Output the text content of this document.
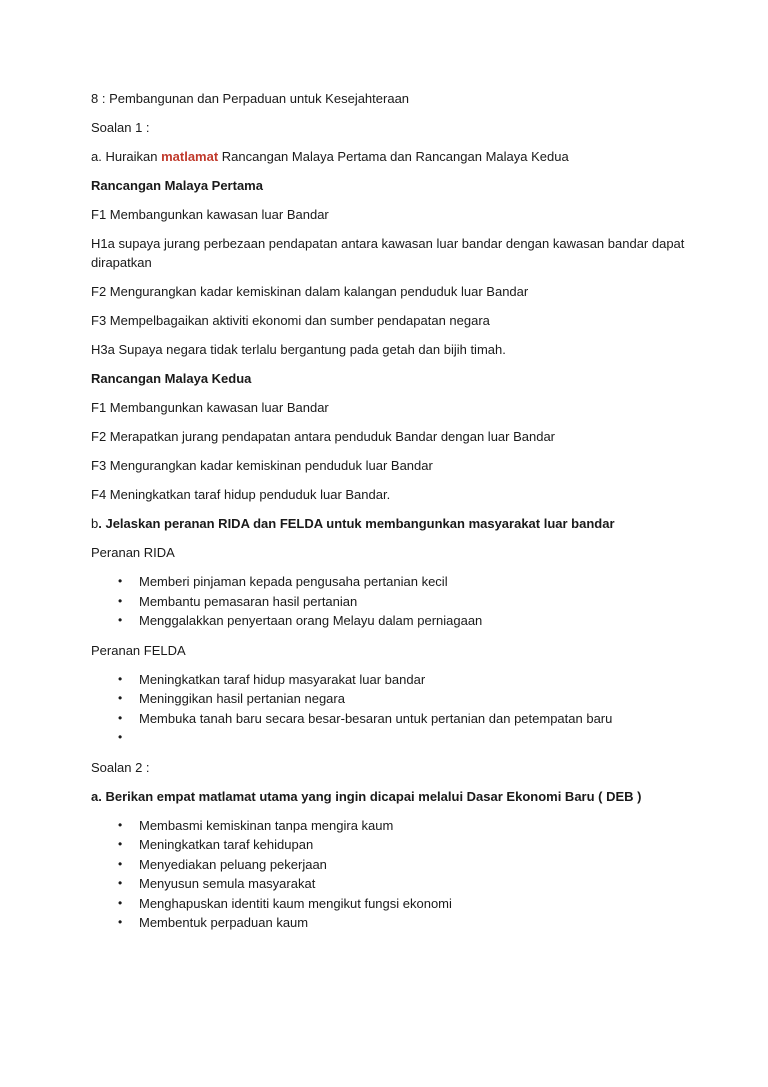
8 : Pembangunan dan Perpaduan untuk Kesejahteraan

Soalan 1 :

a. Huraikan matlamat Rancangan Malaya Pertama dan Rancangan Malaya Kedua

Rancangan Malaya Pertama

F1 Membangunkan kawasan luar Bandar

H1a supaya jurang perbezaan pendapatan antara kawasan luar bandar dengan kawasan bandar dapat dirapatkan

F2 Mengurangkan kadar kemiskinan dalam kalangan penduduk luar Bandar

F3 Mempelbagaikan aktiviti ekonomi dan sumber pendapatan negara

H3a Supaya negara tidak terlalu bergantung pada getah dan bijih timah.

Rancangan Malaya Kedua

F1 Membangunkan kawasan luar Bandar

F2 Merapatkan jurang pendapatan antara penduduk Bandar dengan luar Bandar

F3 Mengurangkan kadar kemiskinan penduduk luar Bandar

F4 Meningkatkan taraf hidup penduduk luar Bandar.

b. Jelaskan peranan RIDA dan FELDA untuk membangunkan masyarakat luar bandar

Peranan RIDA

• Memberi pinjaman kepada pengusaha pertanian kecil
• Membantu pemasaran hasil pertanian
• Menggalakkan penyertaan orang Melayu dalam perniagaan

Peranan FELDA

• Meningkatkan taraf hidup masyarakat luar bandar
• Meninggikan hasil pertanian negara
• Membuka tanah baru secara besar-besaran untuk pertanian dan petempatan baru
•

Soalan 2 :

a. Berikan empat matlamat utama yang ingin dicapai melalui Dasar Ekonomi Baru ( DEB )

• Membasmi kemiskinan tanpa mengira kaum
• Meningkatkan taraf kehidupan
• Menyediakan peluang pekerjaan
• Menyusun semula masyarakat
• Menghapuskan identiti kaum mengikut fungsi ekonomi
• Membentuk perpaduan kaum
